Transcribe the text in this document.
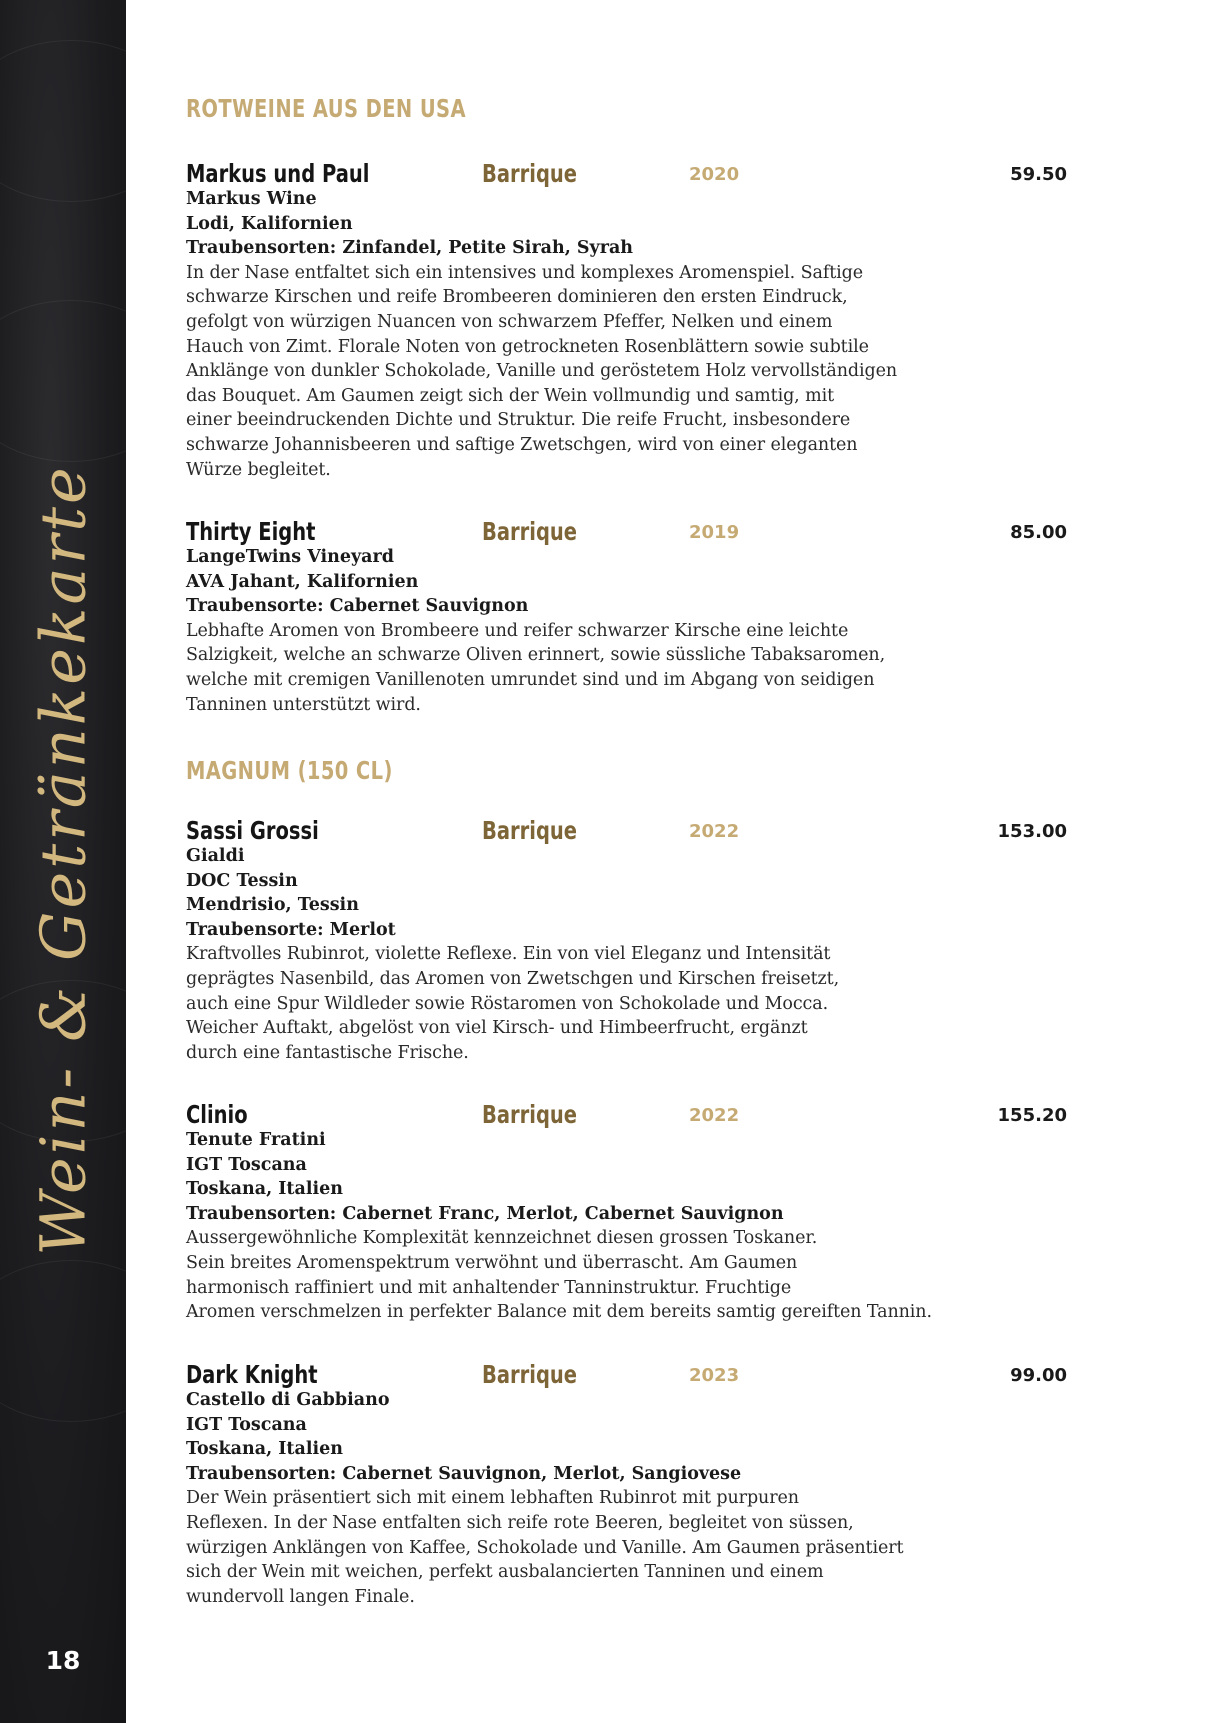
Wein- & Getränkekarte
18
ROTWEINE AUS DEN USA
Markus und Paul	Barrique	2020	59.50
Markus Wine
Lodi, Kalifornien
Traubensorten: Zinfandel, Petite Sirah, Syrah
In der Nase entfaltet sich ein intensives und komplexes Aromenspiel. Saftige
schwarze Kirschen und reife Brombeeren dominieren den ersten Eindruck,
gefolgt von würzigen Nuancen von schwarzem Pfeffer, Nelken und einem
Hauch von Zimt. Florale Noten von getrockneten Rosenblättern sowie subtile
Anklänge von dunkler Schokolade, Vanille und geröstetem Holz vervollständigen
das Bouquet. Am Gaumen zeigt sich der Wein vollmundig und samtig, mit
einer beeindruckenden Dichte und Struktur. Die reife Frucht, insbesondere
schwarze Johannisbeeren und saftige Zwetschgen, wird von einer eleganten
Würze begleitet.
Thirty Eight	Barrique	2019	85.00
LangeTwins Vineyard
AVA Jahant, Kalifornien
Traubensorte: Cabernet Sauvignon
Lebhafte Aromen von Brombeere und reifer schwarzer Kirsche eine leichte
Salzigkeit, welche an schwarze Oliven erinnert, sowie süssliche Tabaksaromen,
welche mit cremigen Vanillenoten umrundet sind und im Abgang von seidigen
Tanninen unterstützt wird.
MAGNUM (150 CL)
Sassi Grossi	Barrique	2022	153.00
Gialdi
DOC Tessin
Mendrisio, Tessin
Traubensorte: Merlot
Kraftvolles Rubinrot, violette Reflexe. Ein von viel Eleganz und Intensität
geprägtes Nasenbild, das Aromen von Zwetschgen und Kirschen freisetzt,
auch eine Spur Wildleder sowie Röstaromen von Schokolade und Mocca.
Weicher Auftakt, abgelöst von viel Kirsch- und Himbeerfrucht, ergänzt
durch eine fantastische Frische.
Clinio	Barrique	2022	155.20
Tenute Fratini
IGT Toscana
Toskana, Italien
Traubensorten: Cabernet Franc, Merlot, Cabernet Sauvignon
Aussergewöhnliche Komplexität kennzeichnet diesen grossen Toskaner.
Sein breites Aromenspektrum verwöhnt und überrascht. Am Gaumen
harmonisch raffiniert und mit anhaltender Tanninstruktur. Fruchtige
Aromen verschmelzen in perfekter Balance mit dem bereits samtig gereiften Tannin.
Dark Knight	Barrique	2023	99.00
Castello di Gabbiano
IGT Toscana
Toskana, Italien
Traubensorten: Cabernet Sauvignon, Merlot, Sangiovese
Der Wein präsentiert sich mit einem lebhaften Rubinrot mit purpuren
Reflexen. In der Nase entfalten sich reife rote Beeren, begleitet von süssen,
würzigen Anklängen von Kaffee, Schokolade und Vanille. Am Gaumen präsentiert
sich der Wein mit weichen, perfekt ausbalancierten Tanninen und einem
wundervoll langen Finale.
